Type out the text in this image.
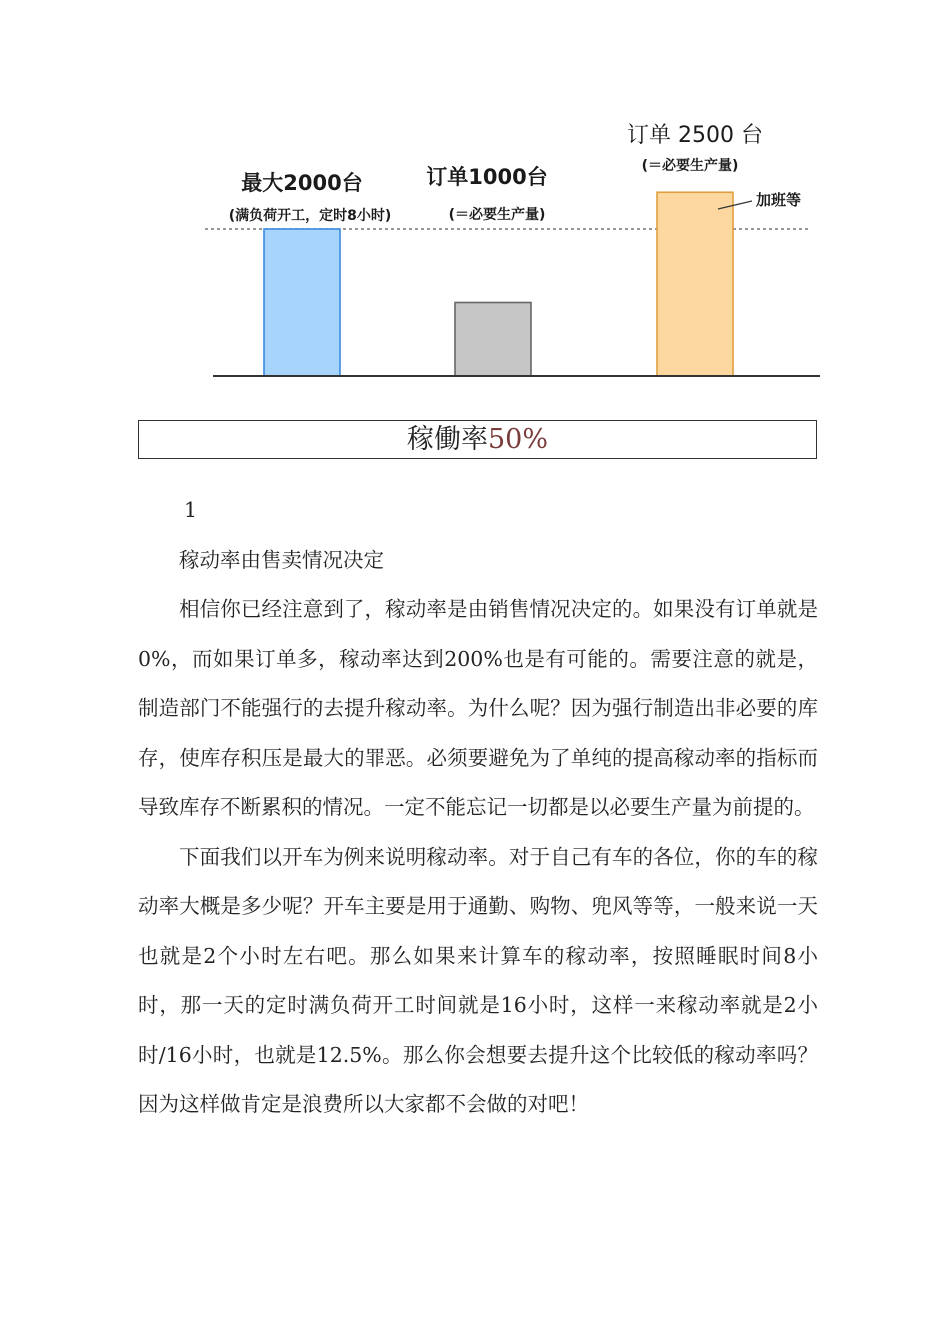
最大2000台
(满负荷开工，定时8小时)
订单1000台
(＝必要生产量)
订单 2500 台
(＝必要生产量)
加班等
稼働率50%

1

稼动率由售卖情况决定

相信你已经注意到了，稼动率是由销售情况决定的。如果没有订单就是0%，而如果订单多，稼动率达到200%也是有可能的。需要注意的就是，制造部门不能强行的去提升稼动率。为什么呢？因为强行制造出非必要的库存，使库存积压是最大的罪恶。必须要避免为了单纯的提高稼动率的指标而导致库存不断累积的情况。一定不能忘记一切都是以必要生产量为前提的。

下面我们以开车为例来说明稼动率。对于自己有车的各位，你的车的稼动率大概是多少呢？开车主要是用于通勤、购物、兜风等等，一般来说一天也就是2个小时左右吧。那么如果来计算车的稼动率，按照睡眠时间8小时，那一天的定时满负荷开工时间就是16小时，这样一来稼动率就是2小时/16小时，也就是12.5%。那么你会想要去提升这个比较低的稼动率吗？因为这样做肯定是浪费所以大家都不会做的对吧！
